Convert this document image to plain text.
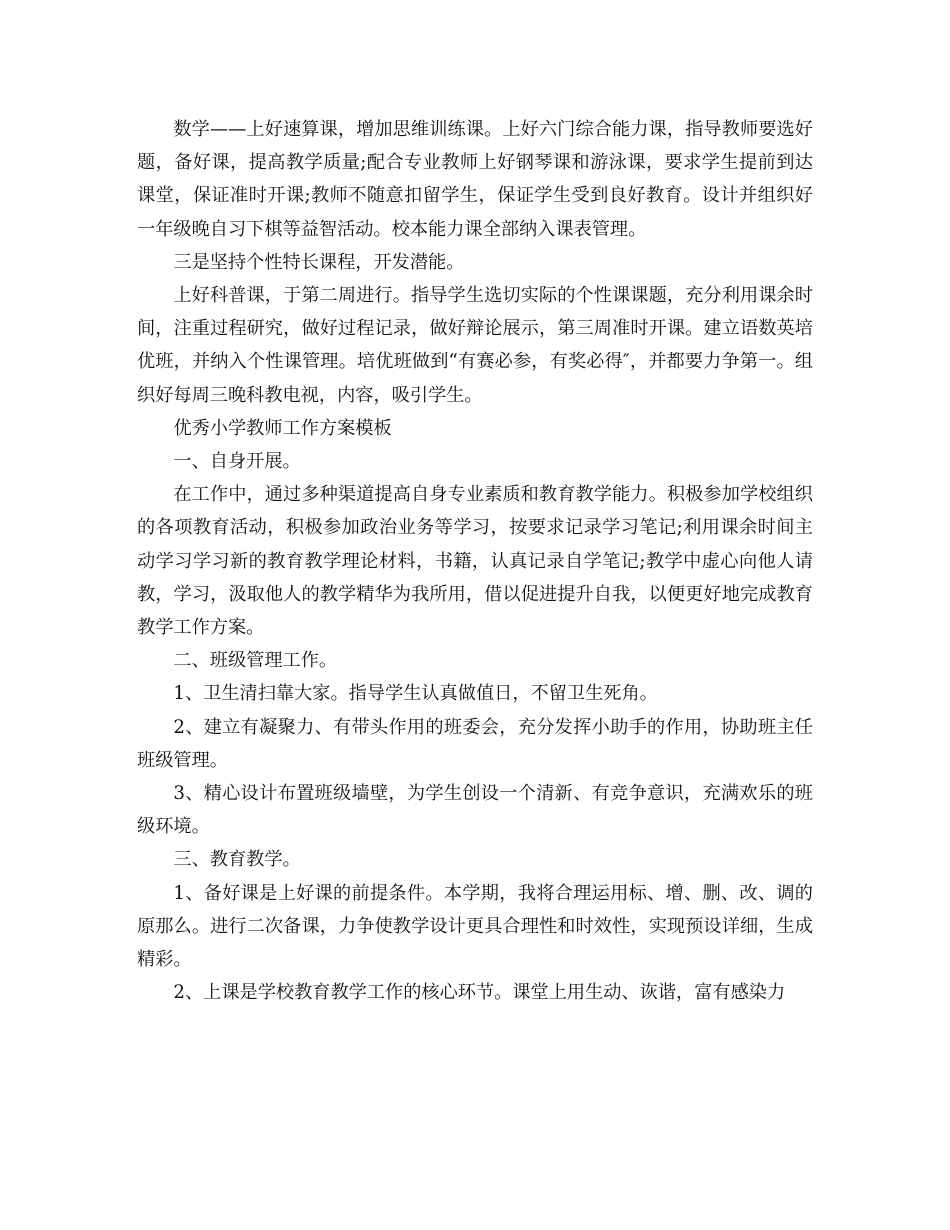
数学——上好速算课，增加思维训练课。上好六门综合能力课，指导教师要选好题，备好课，提高教学质量;配合专业教师上好钢琴课和游泳课，要求学生提前到达课堂，保证准时开课;教师不随意扣留学生，保证学生受到良好教育。设计并组织好一年级晚自习下棋等益智活动。校本能力课全部纳入课表管理。

三是坚持个性特长课程，开发潜能。

上好科普课，于第二周进行。指导学生选切实际的个性课课题，充分利用课余时间，注重过程研究，做好过程记录，做好辩论展示，第三周准时开课。建立语数英培优班，并纳入个性课管理。培优班做到“有赛必参，有奖必得″，并都要力争第一。组织好每周三晚科教电视，内容，吸引学生。

优秀小学教师工作方案模板

一、自身开展。

在工作中，通过多种渠道提高自身专业素质和教育教学能力。积极参加学校组织的各项教育活动，积极参加政治业务等学习，按要求记录学习笔记;利用课余时间主动学习学习新的教育教学理论材料，书籍，认真记录自学笔记;教学中虚心向他人请教，学习，汲取他人的教学精华为我所用，借以促进提升自我，以便更好地完成教育教学工作方案。

二、班级管理工作。

1、卫生清扫靠大家。指导学生认真做值日，不留卫生死角。

2、建立有凝聚力、有带头作用的班委会，充分发挥小助手的作用，协助班主任班级管理。

3、精心设计布置班级墙壁，为学生创设一个清新、有竞争意识，充满欢乐的班级环境。

三、教育教学。

1、备好课是上好课的前提条件。本学期，我将合理运用标、增、删、改、调的原那么。进行二次备课，力争使教学设计更具合理性和时效性，实现预设详细，生成精彩。

2、上课是学校教育教学工作的核心环节。课堂上用生动、诙谐，富有感染力
